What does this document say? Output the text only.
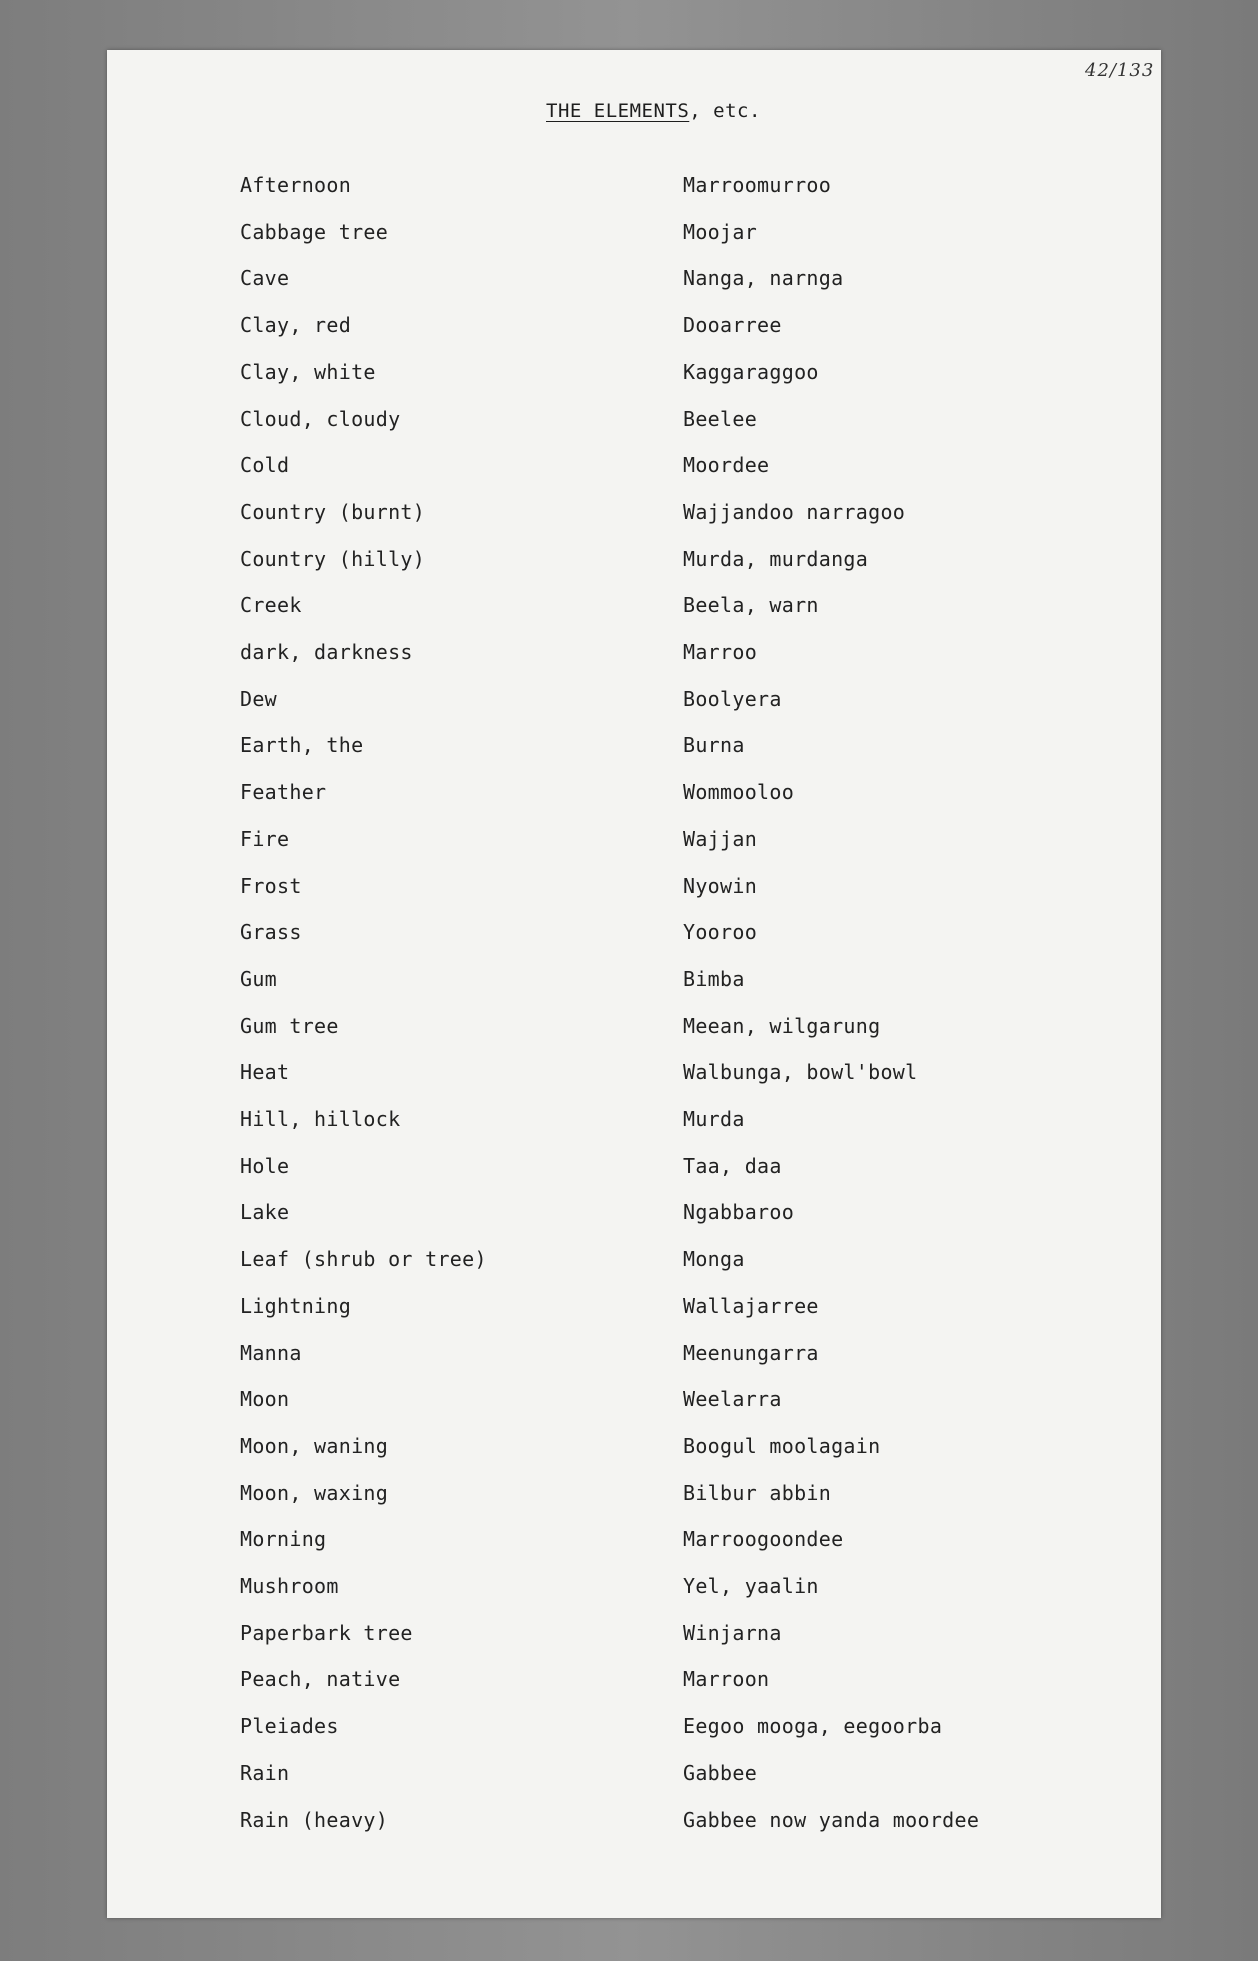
42/133
THE ELEMENTS, etc.
Afternoon	Marroomurroo
Cabbage tree	Moojar
Cave	Nanga, narnga
Clay, red	Dooarree
Clay, white	Kaggaraggoo
Cloud, cloudy	Beelee
Cold	Moordee
Country (burnt)	Wajjandoo narragoo
Country (hilly)	Murda, murdanga
Creek	Beela, warn
dark, darkness	Marroo
Dew	Boolyera
Earth, the	Burna
Feather	Wommooloo
Fire	Wajjan
Frost	Nyowin
Grass	Yooroo
Gum	Bimba
Gum tree	Meean, wilgarung
Heat	Walbunga, bowl'bowl
Hill, hillock	Murda
Hole	Taa, daa
Lake	Ngabbaroo
Leaf (shrub or tree)	Monga
Lightning	Wallajarree
Manna	Meenungarra
Moon	Weelarra
Moon, waning	Boogul moolagain
Moon, waxing	Bilbur abbin
Morning	Marroogoondee
Mushroom	Yel, yaalin
Paperbark tree	Winjarna
Peach, native	Marroon
Pleiades	Eegoo mooga, eegoorba
Rain	Gabbee
Rain (heavy)	Gabbee now yanda moordee
